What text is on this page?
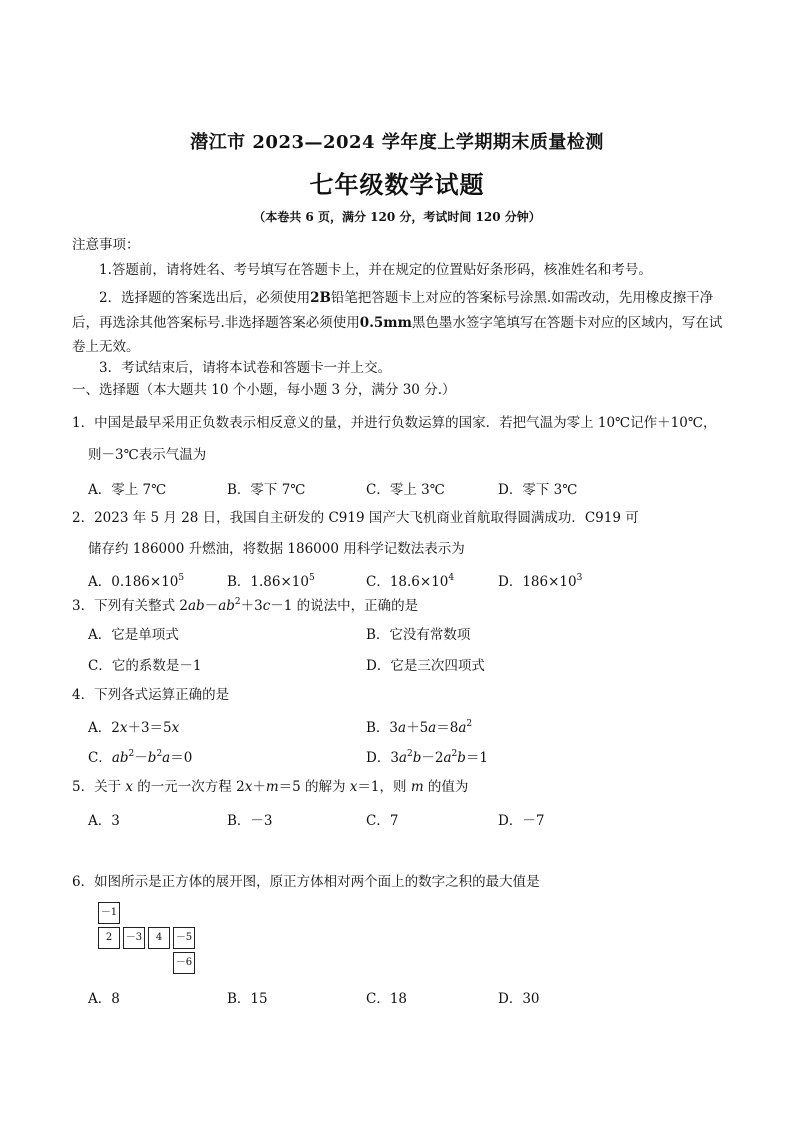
潜江市 2023—2024 学年度上学期期末质量检测
七年级数学试题
（本卷共 6 页，满分 120 分，考试时间 120 分钟）
注意事项：
1.答题前，请将姓名、考号填写在答题卡上，并在规定的位置贴好条形码，核准姓名和考号。
2．选择题的答案选出后，必须使用2B铅笔把答题卡上对应的答案标号涂黑.如需改动，先用橡皮擦干净后，再选涂其他答案标号.非选择题答案必须使用0.5mm黑色墨水签字笔填写在答题卡对应的区域内，写在试卷上无效。
3．考试结束后，请将本试卷和答题卡一并上交。
一、选择题（本大题共 10 个小题，每小题 3 分，满分 30 分.）
1．中国是最早采用正负数表示相反意义的量，并进行负数运算的国家．若把气温为零上 10℃记作＋10℃，
则－3℃表示气温为
A．零上 7℃	B．零下 7℃	C．零上 3℃	D．零下 3℃
2．2023 年 5 月 28 日，我国自主研发的 C919 国产大飞机商业首航取得圆满成功．C919 可
储存约 186000 升燃油，将数据 186000 用科学记数法表示为
A．$0.186\times 10^5$	B．$1.86\times 10^5$	C．$18.6\times 10^4$	D．$186\times 10^3$
3．下列有关整式 $2ab-ab^2+3c-1$ 的说法中，正确的是
A．它是单项式	B．它没有常数项
C．它的系数是－1	D．它是三次四项式
4．下列各式运算正确的是
A．2x＋3＝5x	B．$3a+5a=8a^2$
C．$ab^2-b^2a=0$	D．$3a^2b-2a^2b=1$
5．关于 x 的一元一次方程 2x＋m＝5 的解为 x＝1，则 m 的值为
A．3	B．－3	C．7	D．－7
6．如图所示是正方体的展开图，原正方体相对两个面上的数字之积的最大值是
－1
2	－3	4	－5
－6
A．8	B．15	C．18	D．30
